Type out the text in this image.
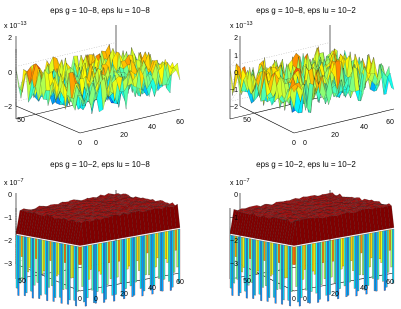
eps g = 10−8, eps lu = 10−8
x $10^{-13}$
2
0
−2
0
20
40
60
50
0
eps g = 10−8, eps lu = 10−2
x $10^{-13}$
2
1
0
−1
−2
0
20
40
60
50
0
eps g = 10−2, eps lu = 10−8
x $10^{-7}$
0
−1
−2
−3
0
20
40
60
50
0
eps g = 10−2, eps lu = 10−2
x $10^{-7}$
0
−1
−2
−3
0
20
40
60
50
0
